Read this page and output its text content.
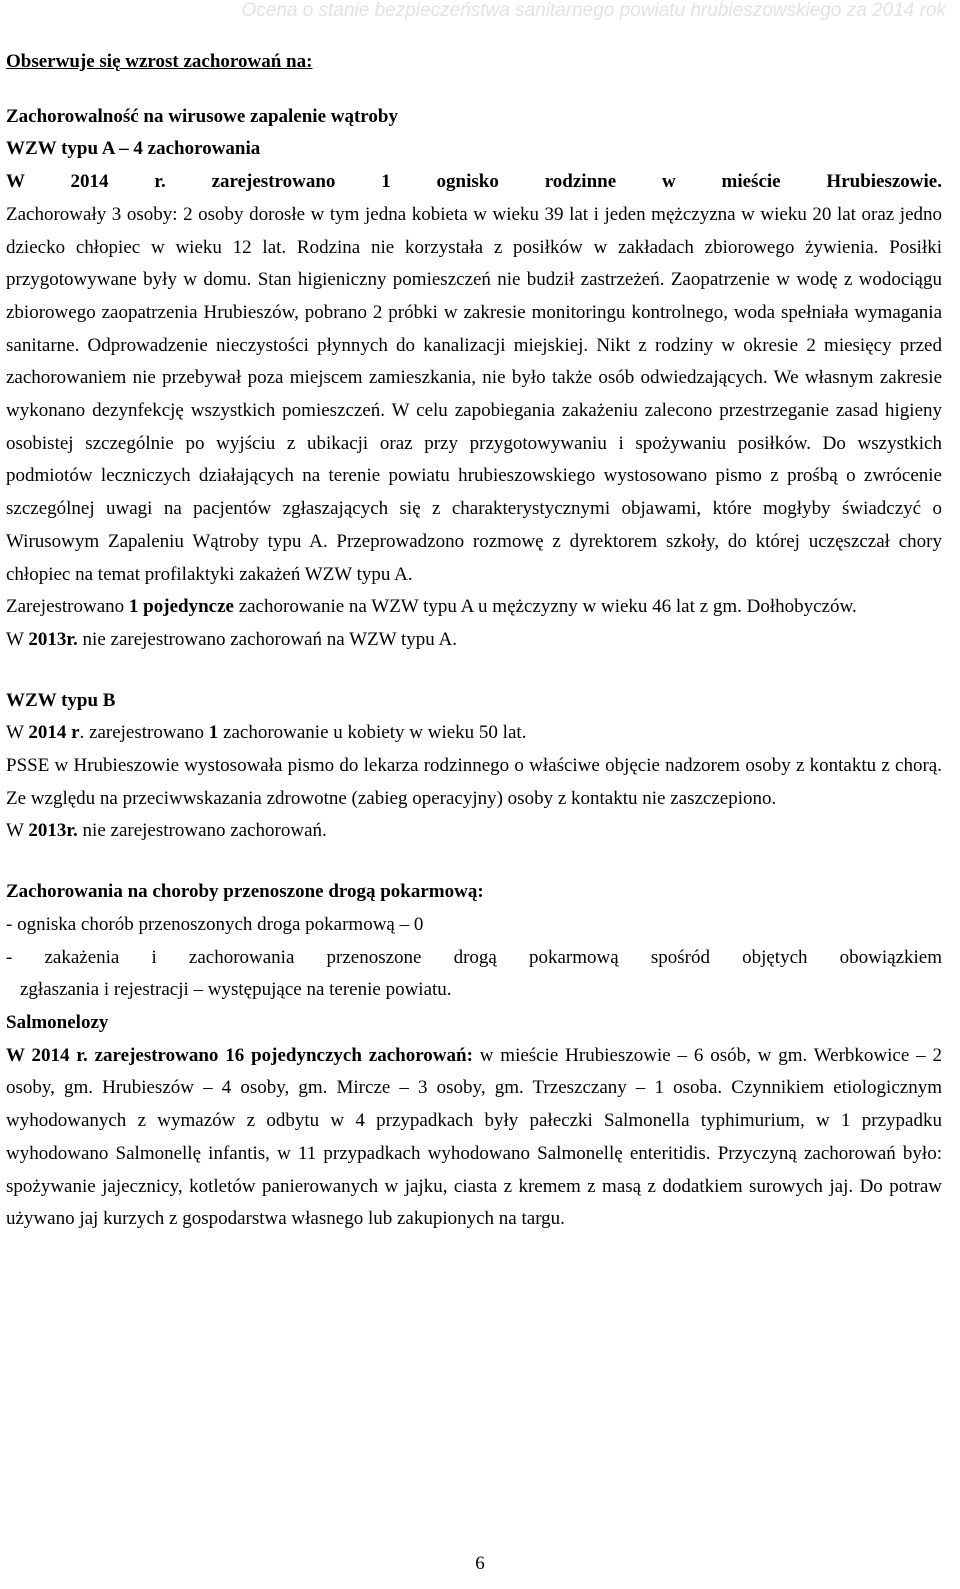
Ocena o stanie bezpieczeństwa sanitarnego powiatu hrubieszowskiego za 2014 rok

Obserwuje się wzrost zachorowań na:

Zachorowalność na wirusowe zapalenie wątroby

WZW typu A – 4 zachorowania

W 2014 r. zarejestrowano 1 ognisko rodzinne w mieście Hrubieszowie.

Zachorowały 3 osoby: 2 osoby dorosłe w tym jedna kobieta w wieku 39 lat i jeden mężczyzna w wieku 20 lat oraz jedno dziecko chłopiec w wieku 12 lat. Rodzina nie korzystała z posiłków w zakładach zbiorowego żywienia. Posiłki przygotowywane były w domu. Stan higieniczny pomieszczeń nie budził zastrzeżeń. Zaopatrzenie w wodę z wodociągu zbiorowego zaopatrzenia Hrubieszów, pobrano 2 próbki w zakresie monitoringu kontrolnego, woda spełniała wymagania sanitarne. Odprowadzenie nieczystości płynnych do kanalizacji miejskiej. Nikt z rodziny w okresie 2 miesięcy przed zachorowaniem nie przebywał poza miejscem zamieszkania, nie było także osób odwiedzających. We własnym zakresie wykonano dezynfekcję wszystkich pomieszczeń. W celu zapobiegania zakażeniu zalecono przestrzeganie zasad higieny osobistej szczególnie po wyjściu z ubikacji oraz przy przygotowywaniu i spożywaniu posiłków. Do wszystkich podmiotów leczniczych działających na terenie powiatu hrubieszowskiego wystosowano pismo z prośbą o zwrócenie szczególnej uwagi na pacjentów zgłaszających się z charakterystycznymi objawami, które mogłyby świadczyć o Wirusowym Zapaleniu Wątroby typu A. Przeprowadzono rozmowę z dyrektorem szkoły, do której uczęszczał chory chłopiec na temat profilaktyki zakażeń WZW typu A.

Zarejestrowano 1 pojedyncze zachorowanie na WZW typu A u mężczyzny w wieku 46 lat z gm. Dołhobyczów.

W 2013r. nie zarejestrowano zachorowań na WZW typu A.

WZW typu B

W 2014 r. zarejestrowano 1 zachorowanie u kobiety w wieku 50 lat.

PSSE w Hrubieszowie wystosowała pismo do lekarza rodzinnego o właściwe objęcie nadzorem osoby z kontaktu z chorą. Ze względu na przeciwwskazania zdrowotne (zabieg operacyjny) osoby z kontaktu nie zaszczepiono.

W 2013r. nie zarejestrowano zachorowań.

Zachorowania na choroby przenoszone drogą pokarmową:

- ogniska chorób przenoszonych droga pokarmową – 0

- zakażenia i zachorowania przenoszone drogą pokarmową spośród objętych obowiązkiem

zgłaszania i rejestracji – występujące na terenie powiatu.

Salmonelozy

W 2014 r. zarejestrowano 16 pojedynczych zachorowań: w mieście Hrubieszowie – 6 osób, w gm. Werbkowice – 2 osoby, gm. Hrubieszów – 4 osoby, gm. Mircze – 3 osoby, gm. Trzeszczany – 1 osoba. Czynnikiem etiologicznym wyhodowanych z wymazów z odbytu w 4 przypadkach były pałeczki Salmonella typhimurium, w 1 przypadku wyhodowano Salmonellę infantis, w 11 przypadkach wyhodowano Salmonellę enteritidis. Przyczyną zachorowań było: spożywanie jajecznicy, kotletów panierowanych w jajku, ciasta z kremem z masą z dodatkiem surowych jaj. Do potraw używano jaj kurzych z gospodarstwa własnego lub zakupionych na targu.

6
